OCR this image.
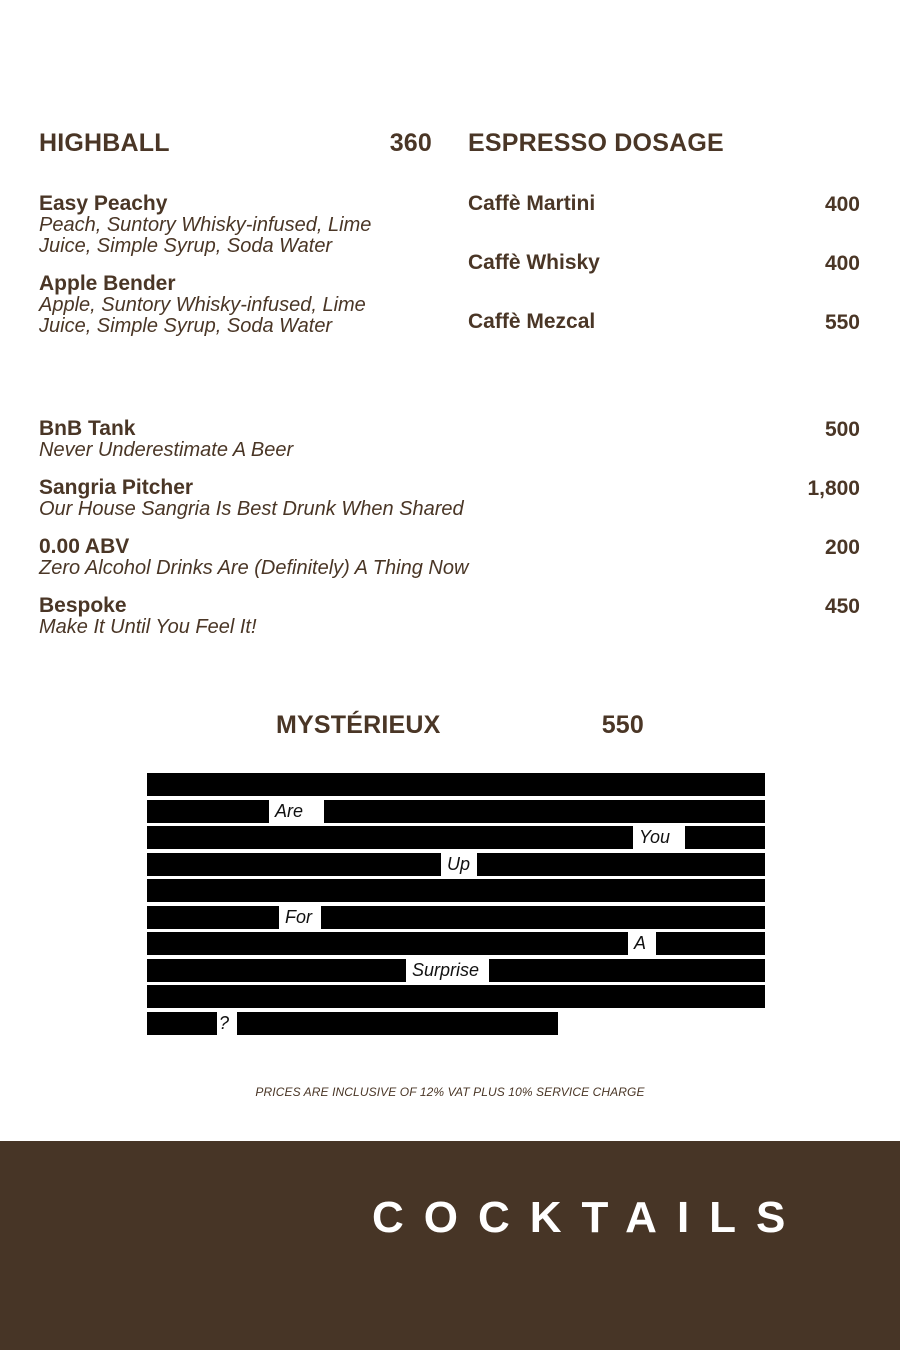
HIGHBALL	360
Easy Peachy
Peach, Suntory Whisky-infused, Lime Juice, Simple Syrup, Soda Water
Apple Bender
Apple, Suntory Whisky-infused, Lime Juice, Simple Syrup, Soda Water
ESPRESSO DOSAGE
Caffè Martini	400
Caffè Whisky	400
Caffè Mezcal	550
BnB Tank
Never Underestimate A Beer
500
Sangria Pitcher
Our House Sangria Is Best Drunk When Shared
1,800
0.00 ABV
Zero Alcohol Drinks Are (Definitely) A Thing Now
200
Bespoke
Make It Until You Feel It!
450
MYSTÉRIEUX	550
Are
You
Up
For
A
Surprise
?
PRICES ARE INCLUSIVE OF 12% VAT PLUS 10% SERVICE CHARGE
COCKTAILS
